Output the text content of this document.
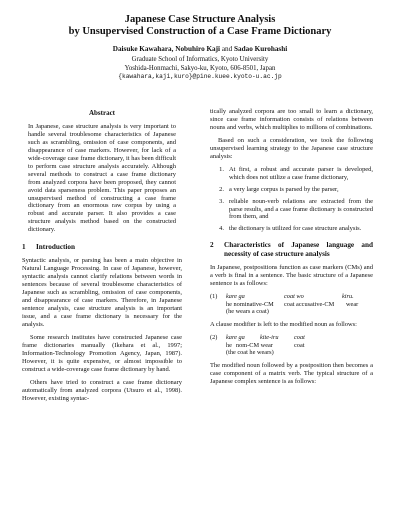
Japanese Case Structure Analysis
by Unsupervised Construction of a Case Frame Dictionary
Daisuke Kawahara, Nobuhiro Kaji and Sadao Kurohashi
Graduate School of Informatics, Kyoto University
Yoshida-Honmachi, Sakyo-ku, Kyoto, 606-8501, Japan
{kawahara,kaji,kuro}@pine.kuee.kyoto-u.ac.jp
Abstract

In Japanese, case structure analysis is very important to handle several troublesome characteristics of Japanese such as scrambling, omission of case components, and disappearance of case markers. However, for lack of a wide-coverage case frame dictionary, it has been difficult to perform case structure analysis accurately. Although several methods to construct a case frame dictionary from analyzed corpora have been proposed, they cannot avoid data sparseness problem. This paper proposes an unsupervised method of constructing a case frame dictionary from an enormous raw corpus by using a robust and accurate parser. It also provides a case structure analysis method based on the constructed dictionary.

1 Introduction

Syntactic analysis, or parsing has been a main objective in Natural Language Processing. In case of Japanese, however, syntactic analysis cannot clarify relations between words in sentences because of several troublesome characteristics of Japanese such as scrambling, omission of case components, and disappearance of case markers. Therefore, in Japanese sentence analysis, case structure analysis is an important issue, and a case frame dictionary is necessary for the analysis.

Some research institutes have constructed Japanese case frame dictionaries manually (Ikehara et al., 1997; Information-Technology Promotion Agency, Japan, 1987). However, it is quite expensive, or almost impossible to construct a wide-coverage case frame dictionary by hand.

Others have tried to construct a case frame dictionary automatically from analyzed corpora (Utsuro et al., 1998). However, existing syntac-

tically analyzed corpora are too small to learn a dictionary, since case frame information consists of relations between nouns and verbs, which multiplies to millions of combinations.

Based on such a consideration, we took the following unsupervised learning strategy to the Japanese case structure analysis:

1. At first, a robust and accurate parser is developed, which does not utilize a case frame dictionary,
2. a very large corpus is parsed by the parser,
3. reliable noun-verb relations are extracted from the parse results, and a case frame dictionary is constructed from them, and
4. the dictionary is utilized for case structure analysis.
2	Characteristics of Japanese language and necessity of case structure analysis

In Japanese, postpositions function as case markers (CMs) and a verb is final in a sentence. The basic structure of a Japanese sentence is as follows:

(1)	kare ga	coat wo	kiru.
he nominative-CM	coat accusative-CM	wear
(he wears a coat)

A clause modifier is left to the modified noun as follows:

(2)	kare ga kite-iru	coat
he nom-CM wear	coat
(the coat he wears)

The modified noun followed by a postposition then becomes a case component of a matrix verb. The typical structure of a Japanese complex sentence is as follows:
